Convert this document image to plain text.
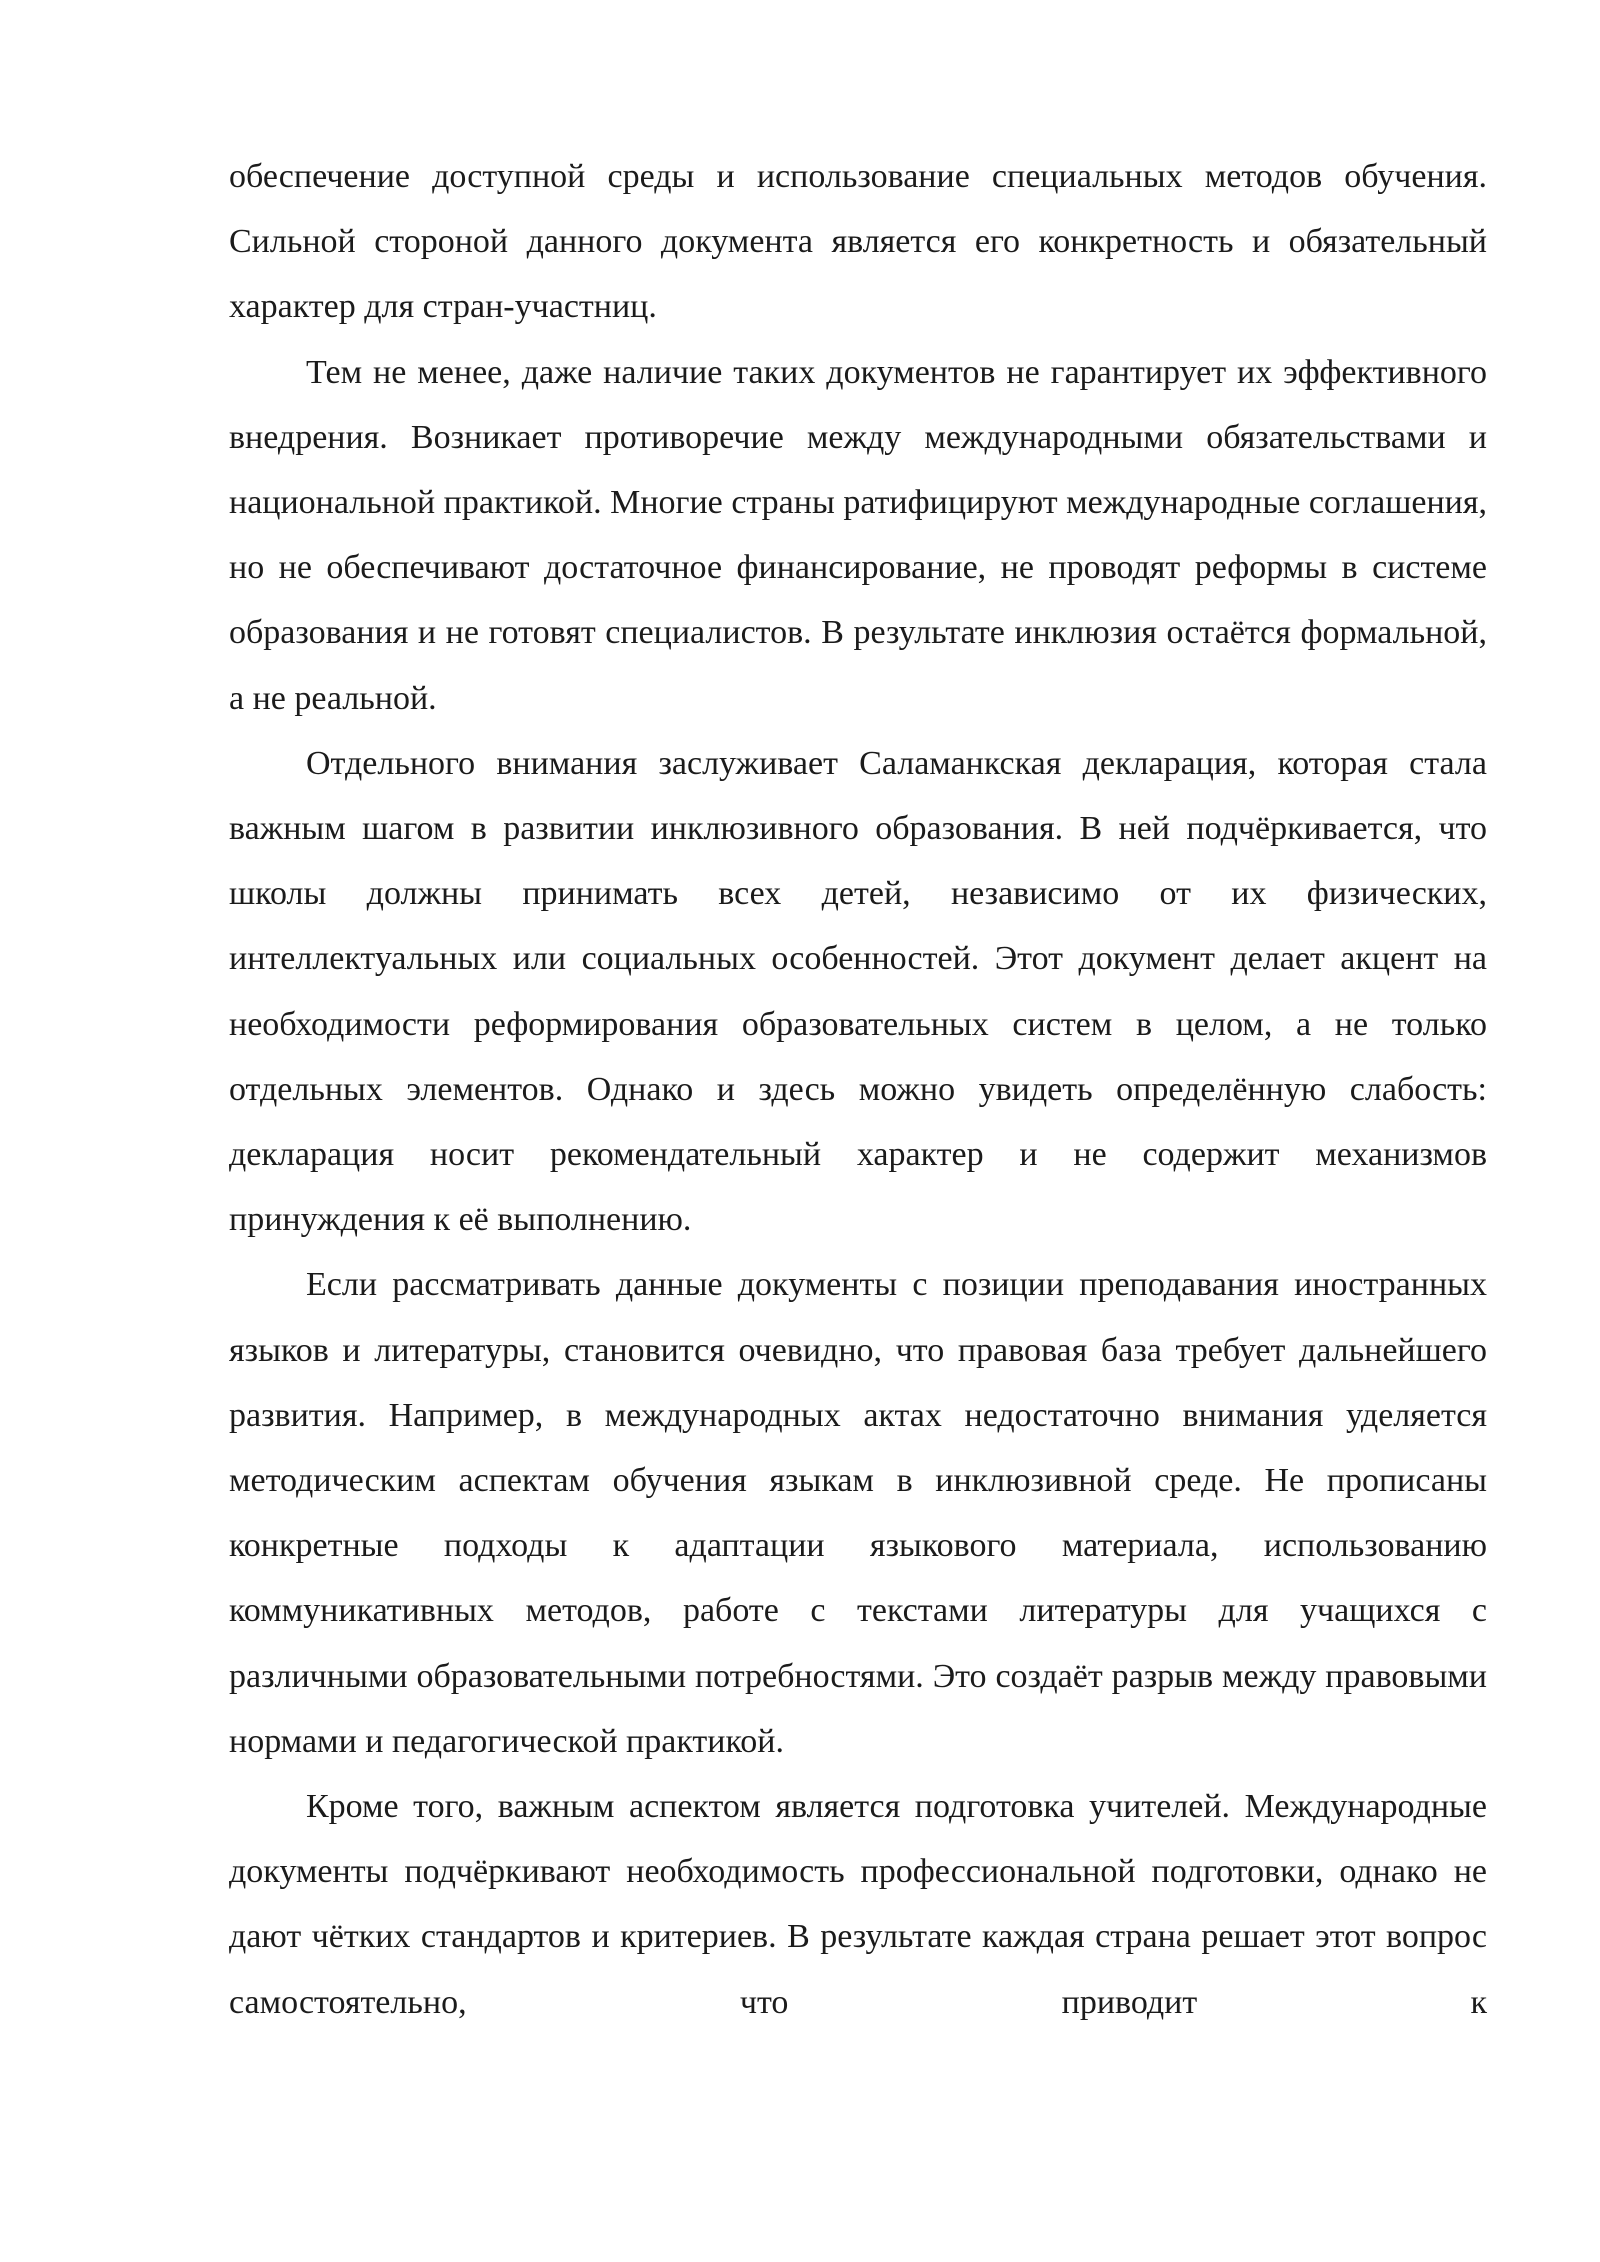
обеспечение доступной среды и использование специальных методов обучения. Сильной стороной данного документа является его конкретность и обязательный характер для стран-участниц.

Тем не менее, даже наличие таких документов не гарантирует их эффективного внедрения. Возникает противоречие между международными обязательствами и национальной практикой. Многие страны ратифицируют международные соглашения, но не обеспечивают достаточное финансирование, не проводят реформы в системе образования и не готовят специалистов. В результате инклюзия остаётся формальной, а не реальной.

Отдельного внимания заслуживает Саламанкская декларация, которая стала важным шагом в развитии инклюзивного образования. В ней подчёркивается, что школы должны принимать всех детей, независимо от их физических, интеллектуальных или социальных особенностей. Этот документ делает акцент на необходимости реформирования образовательных систем в целом, а не только отдельных элементов. Однако и здесь можно увидеть определённую слабость: декларация носит рекомендательный характер и не содержит механизмов принуждения к её выполнению.

Если рассматривать данные документы с позиции преподавания иностранных языков и литературы, становится очевидно, что правовая база требует дальнейшего развития. Например, в международных актах недостаточно внимания уделяется методическим аспектам обучения языкам в инклюзивной среде. Не прописаны конкретные подходы к адаптации языкового материала, использованию коммуникативных методов, работе с текстами литературы для учащихся с различными образовательными потребностями. Это создаёт разрыв между правовыми нормами и педагогической практикой.

Кроме того, важным аспектом является подготовка учителей. Международные документы подчёркивают необходимость профессиональной подготовки, однако не дают чётких стандартов и критериев. В результате каждая страна решает этот вопрос самостоятельно, что приводит к
